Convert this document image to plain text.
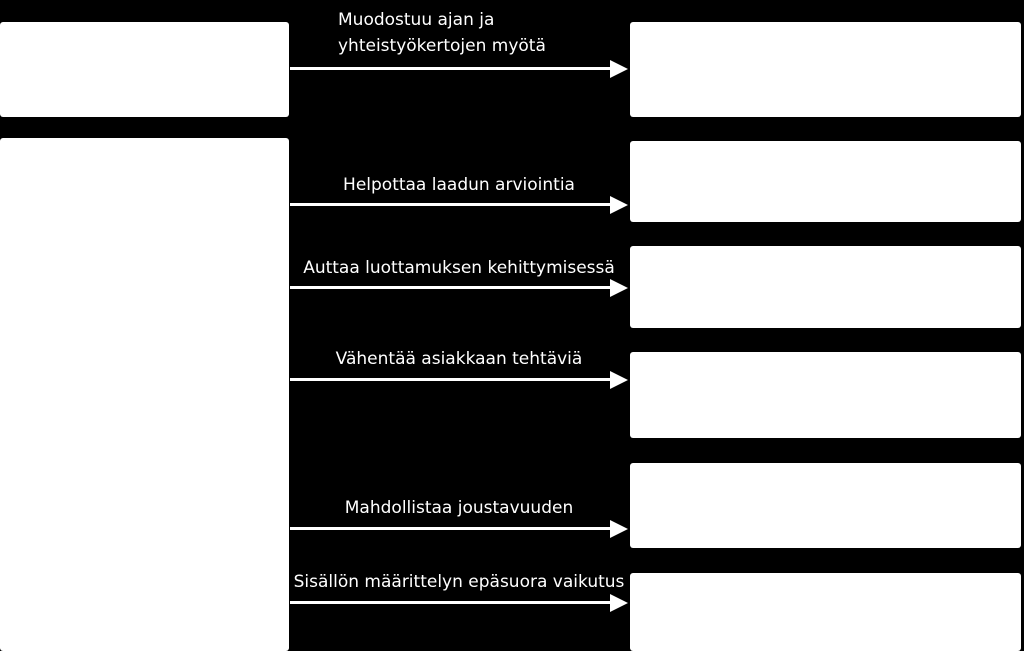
Muodostuu ajan ja
yhteistyökertojen myötä
Helpottaa laadun arviointia
Auttaa luottamuksen kehittymisessä
Vähentää asiakkaan tehtäviä
Mahdollistaa joustavuuden
Sisällön määrittelyn epäsuora vaikutus
